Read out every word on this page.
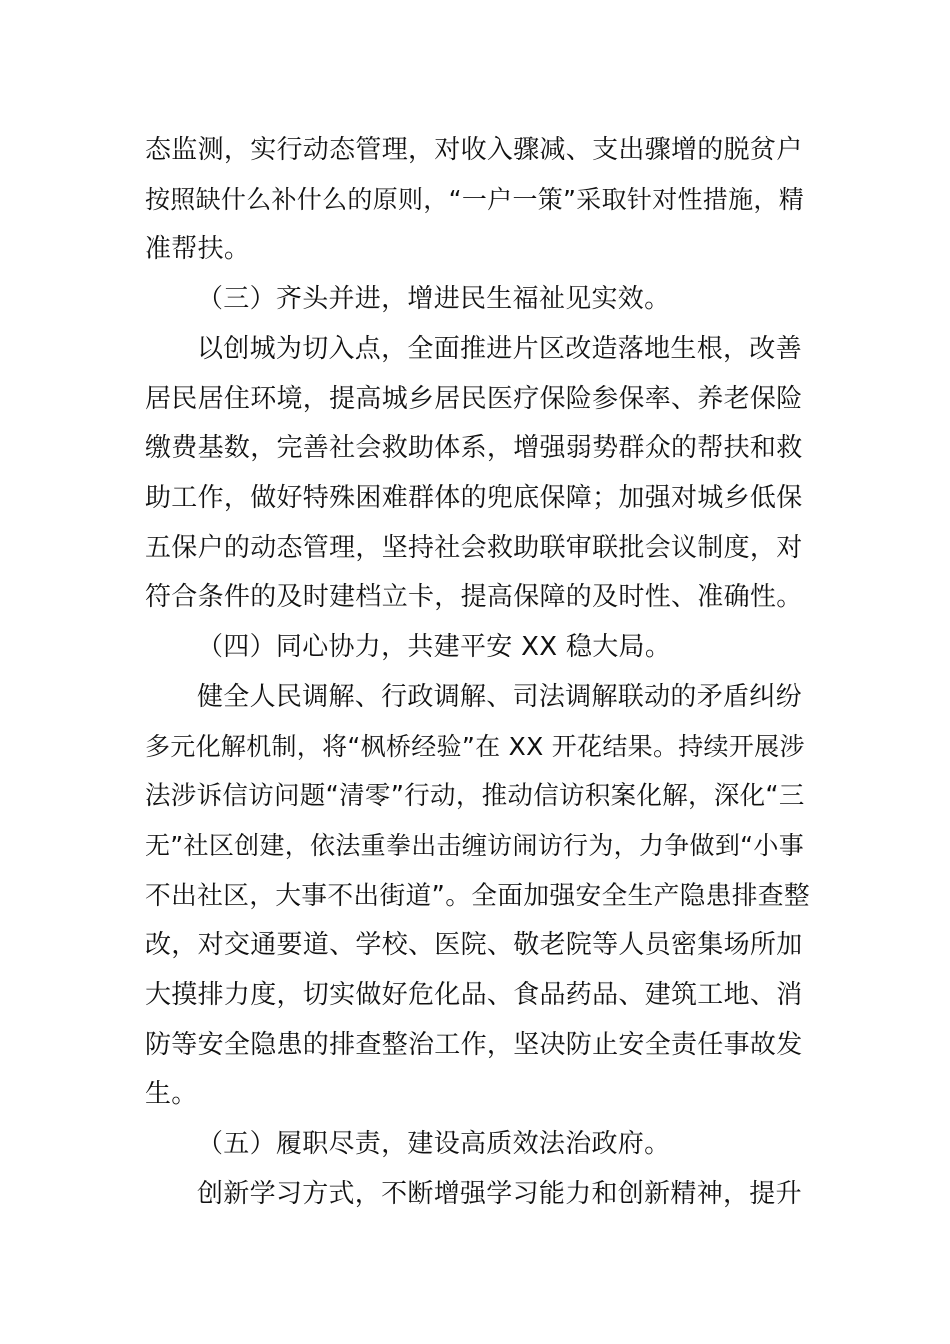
态监测，实行动态管理，对收入骤减、支出骤增的脱贫户
按照缺什么补什么的原则，“一户一策”采取针对性措施，精
准帮扶。
（三）齐头并进，增进民生福祉见实效。
以创城为切入点，全面推进片区改造落地生根，改善
居民居住环境，提高城乡居民医疗保险参保率、养老保险
缴费基数，完善社会救助体系，增强弱势群众的帮扶和救
助工作，做好特殊困难群体的兜底保障；加强对城乡低保
五保户的动态管理，坚持社会救助联审联批会议制度，对
符合条件的及时建档立卡，提高保障的及时性、准确性。
（四）同心协力，共建平安 XX 稳大局。
健全人民调解、行政调解、司法调解联动的矛盾纠纷
多元化解机制，将“枫桥经验”在 XX 开花结果。持续开展涉
法涉诉信访问题“清零”行动，推动信访积案化解，深化“三
无”社区创建，依法重拳出击缠访闹访行为，力争做到“小事
不出社区，大事不出街道”。全面加强安全生产隐患排查整
改，对交通要道、学校、医院、敬老院等人员密集场所加
大摸排力度，切实做好危化品、食品药品、建筑工地、消
防等安全隐患的排查整治工作，坚决防止安全责任事故发
生。
（五）履职尽责，建设高质效法治政府。
创新学习方式，不断增强学习能力和创新精神，提升
